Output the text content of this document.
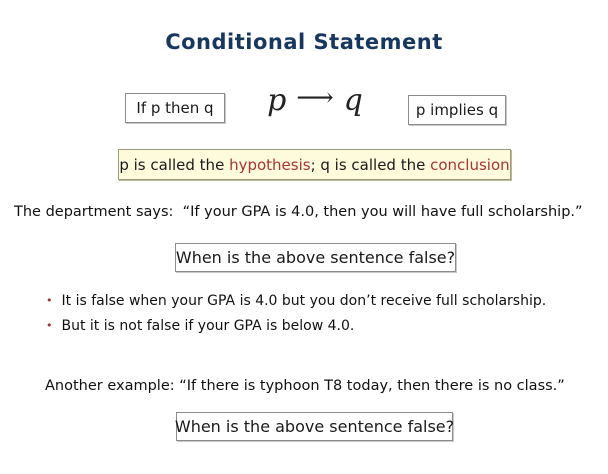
Conditional Statement
If p then q p ⟶ q	p implies q
p is called the hypothesis ; q is called the conclusion
The department says:  “If your GPA is 4.0, then you will have full scholarship.”
When is the above sentence false?
• It is false when your GPA is 4.0 but you don’t receive full scholarship.
• But it is not false if your GPA is below 4.0.
Another example: “If there is typhoon T8 today, then there is no class.”
When is the above sentence false?
